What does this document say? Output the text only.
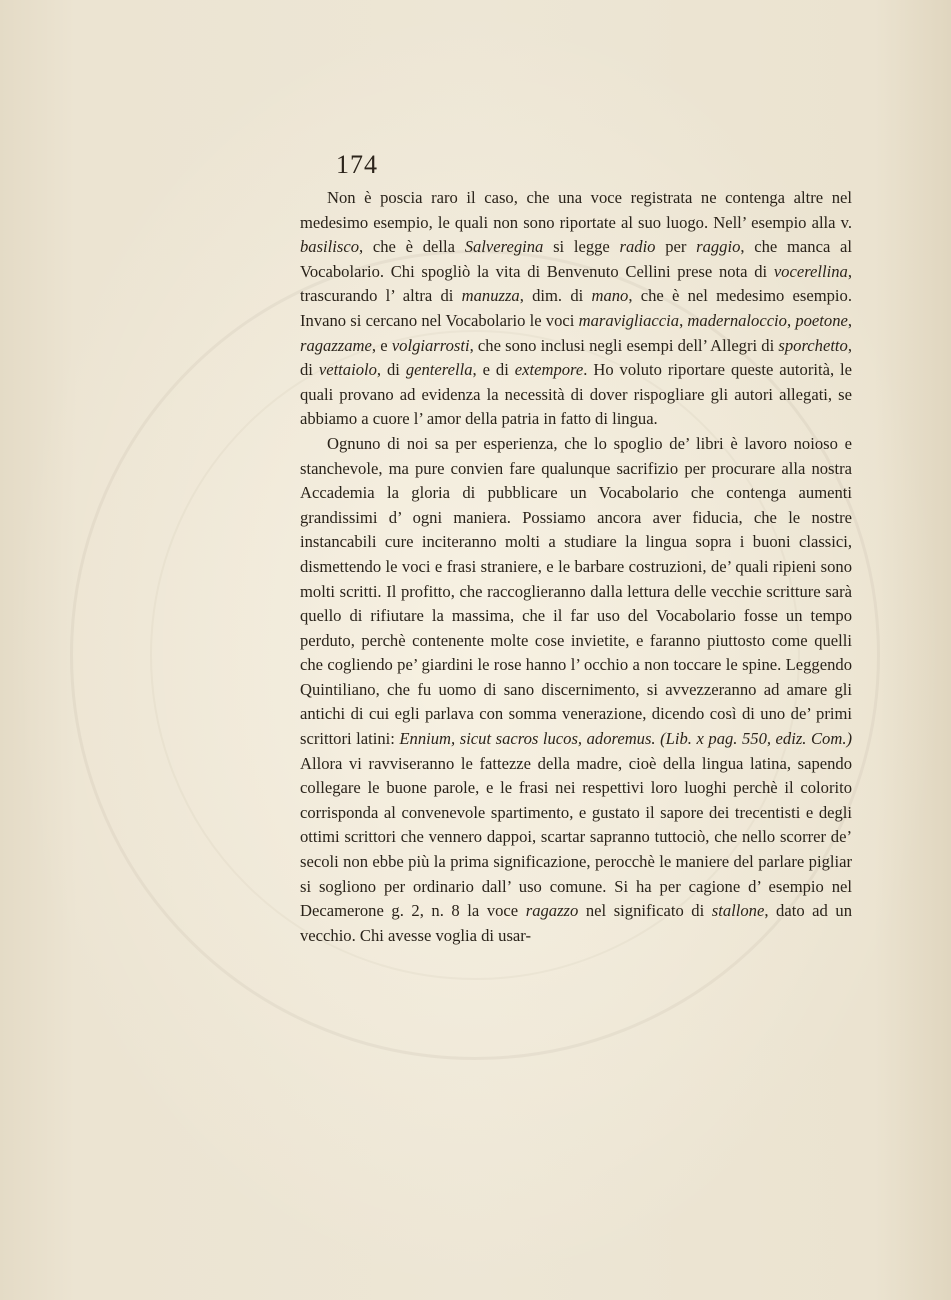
174

Non è poscia raro il caso, che una voce registrata ne contenga altre nel medesimo esempio, le quali non sono riportate al suo luogo. Nell’ esempio alla v. basilisco, che è della Salveregina si legge radio per raggio, che manca al Vocabolario. Chi spogliò la vita di Benvenuto Cellini prese nota di vocerellina, trascurando l’ altra di manuzza, dim. di mano, che è nel medesimo esempio. Invano si cercano nel Vocabolario le voci maravigliaccia, madernaloccio, poetone, ragazzame, e volgiarrosti, che sono inclusi negli esempi dell’ Allegri di sporchetto, di vettaiolo, di genterella, e di extempore. Ho voluto riportare queste autorità, le quali provano ad evidenza la necessità di dover rispogliare gli autori allegati, se abbiamo a cuore l’ amor della patria in fatto di lingua.

Ognuno di noi sa per esperienza, che lo spoglio de’ libri è lavoro noioso e stanchevole, ma pure convien fare qualunque sacrifizio per procurare alla nostra Accademia la gloria di pubblicare un Vocabolario che contenga aumenti grandissimi d’ ogni maniera. Possiamo ancora aver fiducia, che le nostre instancabili cure inciteranno molti a studiare la lingua sopra i buoni classici, dismettendo le voci e frasi straniere, e le barbare costruzioni, de’ quali ripieni sono molti scritti. Il profitto, che raccoglieranno dalla lettura delle vecchie scritture sarà quello di rifiutare la massima, che il far uso del Vocabolario fosse un tempo perduto, perchè contenente molte cose invietite, e faranno piuttosto come quelli che cogliendo pe’ giardini le rose hanno l’ occhio a non toccare le spine. Leggendo Quintiliano, che fu uomo di sano discernimento, si avvezzeranno ad amare gli antichi di cui egli parlava con somma venerazione, dicendo così di uno de’ primi scrittori latini: Ennium, sicut sacros lucos, adoremus. (Lib. x pag. 550, ediz. Com.) Allora vi ravviseranno le fattezze della madre, cioè della lingua latina, sapendo collegare le buone parole, e le frasi nei respettivi loro luoghi perchè il colorito corrisponda al convenevole spartimento, e gustato il sapore dei trecentisti e degli ottimi scrittori che vennero dappoi, scartar sapranno tuttociò, che nello scorrer de’ secoli non ebbe più la prima significazione, perocchè le maniere del parlare pigliar si sogliono per ordinario dall’ uso comune. Si ha per cagione d’ esempio nel Decamerone g. 2, n. 8 la voce ragazzo nel significato di stallone, dato ad un vecchio. Chi avesse voglia di usar-
